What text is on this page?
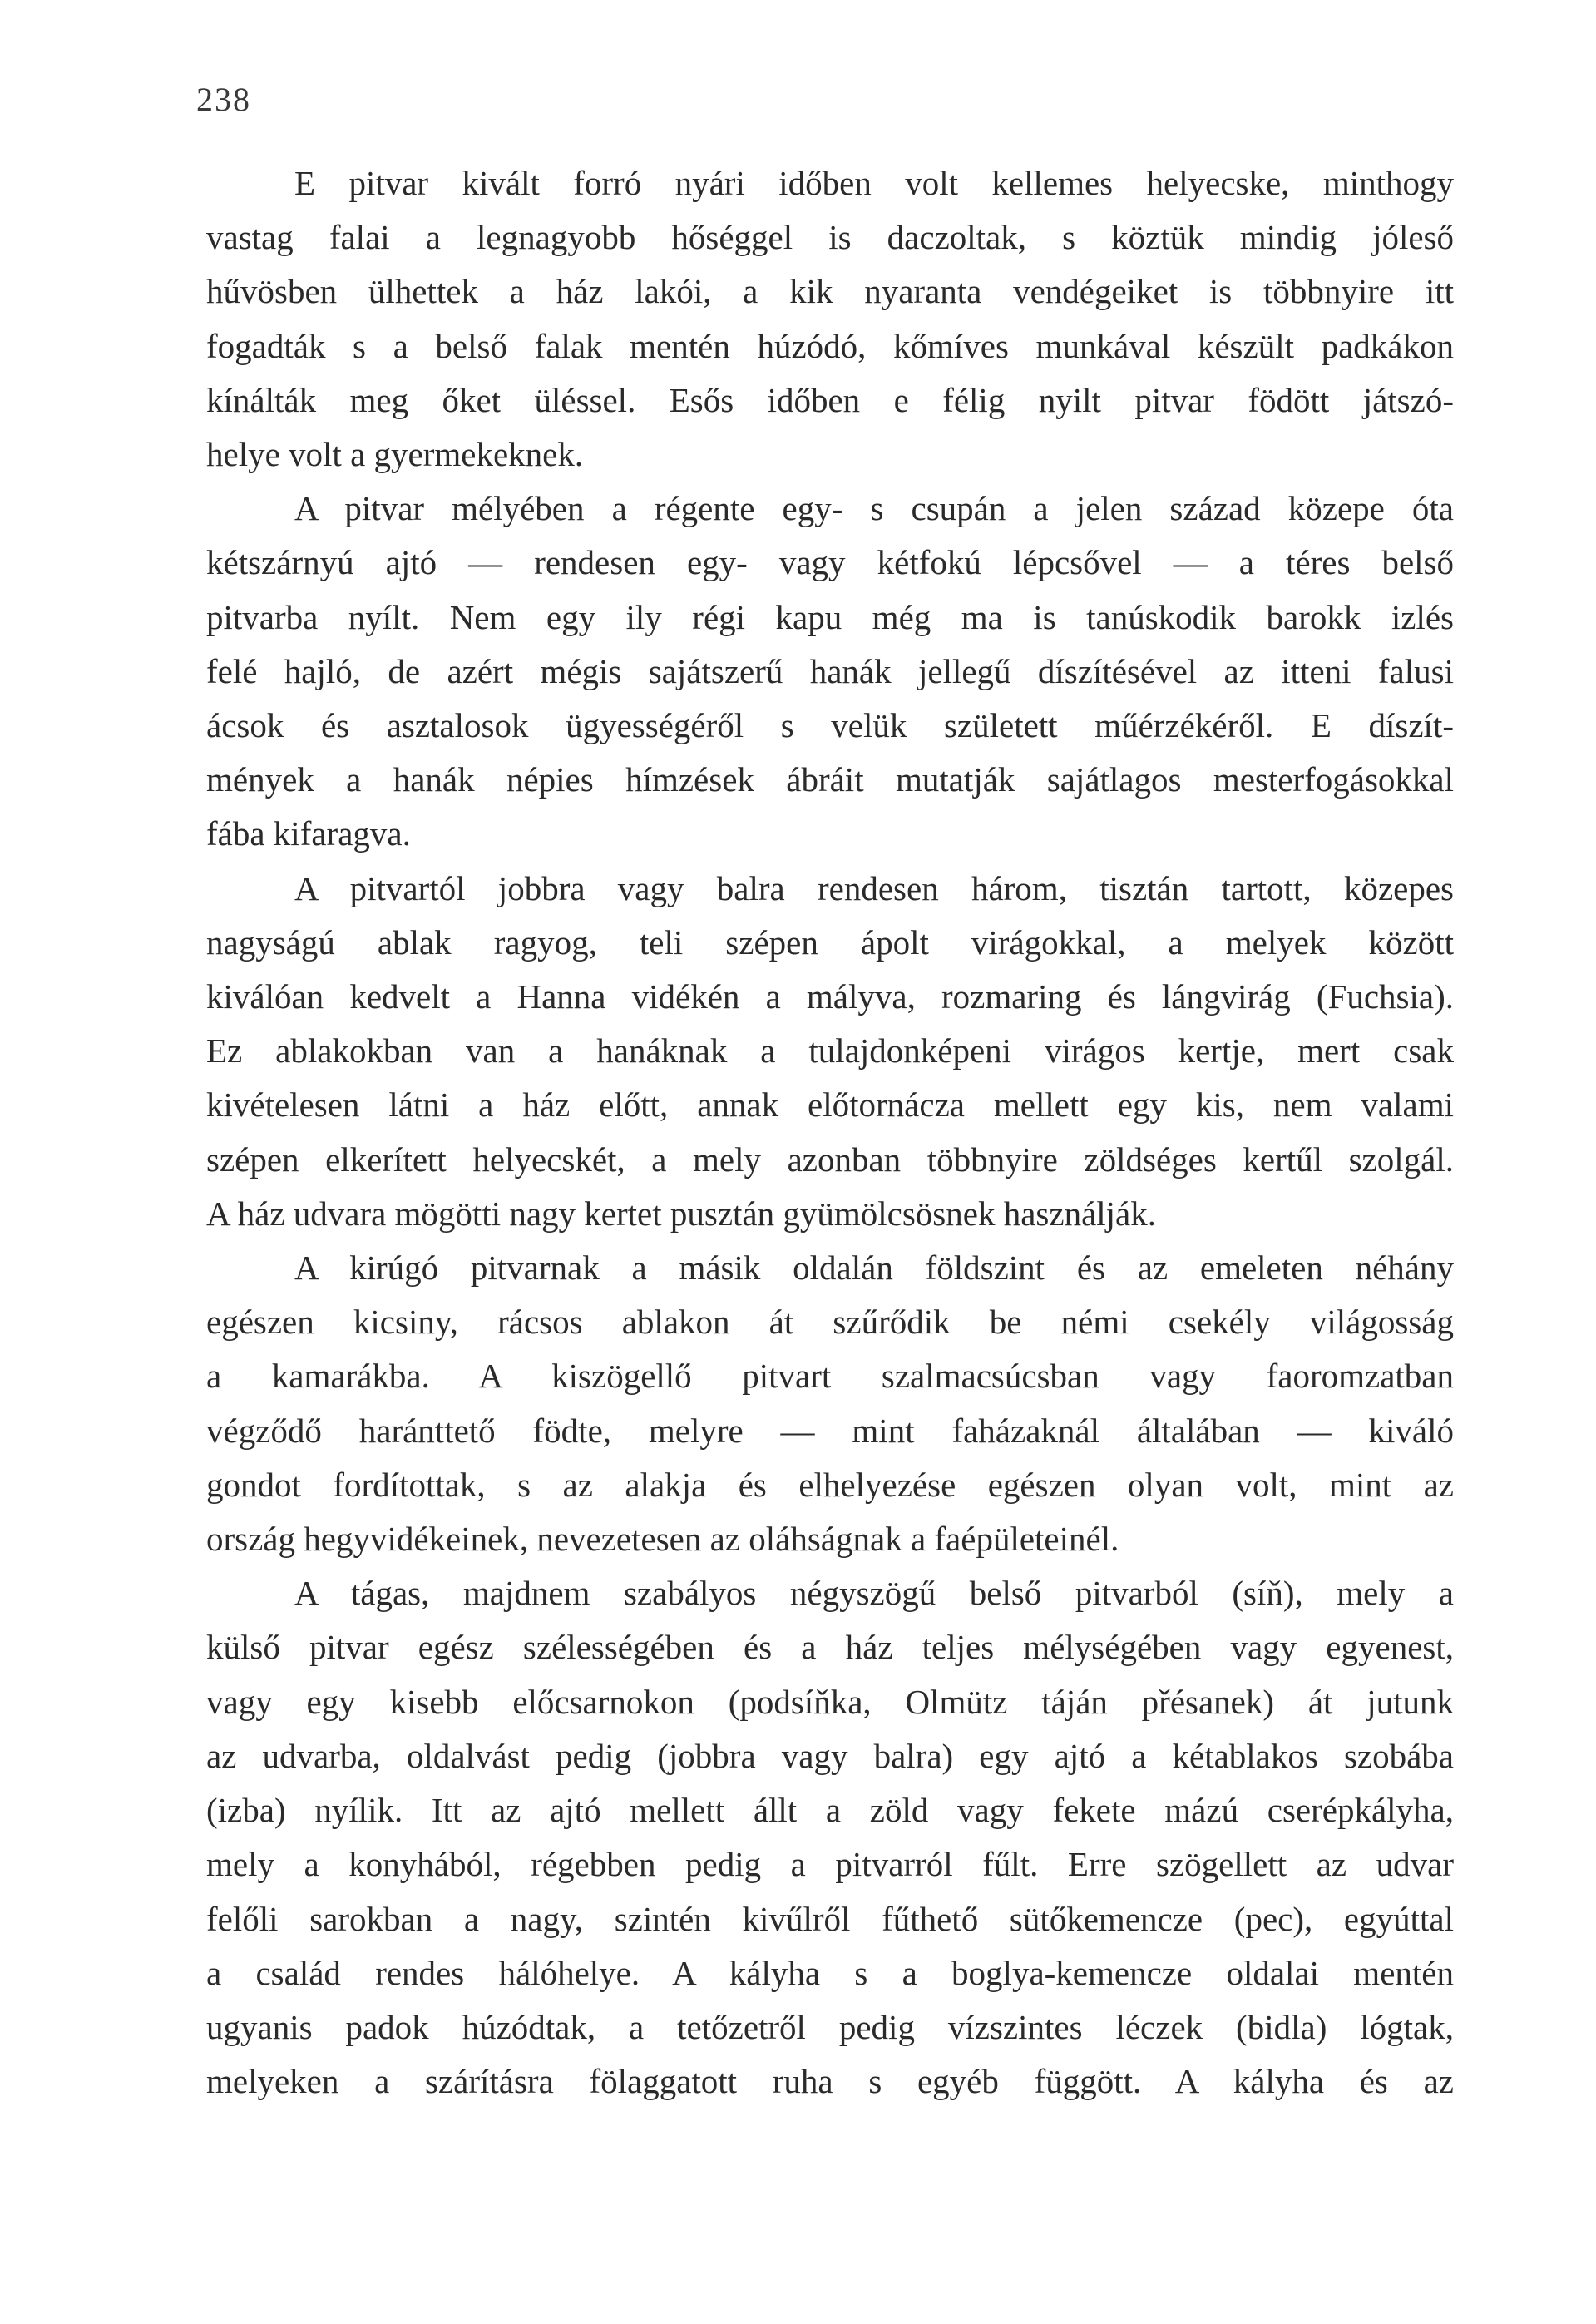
238

E pitvar kivált forró nyári időben volt kellemes helyecske, minthogy
vastag falai a legnagyobb hőséggel is daczoltak, s köztük mindig jóleső
hűvösben ülhettek a ház lakói, a kik nyaranta vendégeiket is többnyire itt
fogadták s a belső falak mentén húzódó, kőmíves munkával készült padkákon
kínálták meg őket üléssel. Esős időben e félig nyilt pitvar födött játszó-
helye volt a gyermekeknek.

A pitvar mélyében a régente egy- s csupán a jelen század közepe óta
kétszárnyú ajtó — rendesen egy- vagy kétfokú lépcsővel — a téres belső
pitvarba nyílt. Nem egy ily régi kapu még ma is tanúskodik barokk izlés
felé hajló, de azért mégis sajátszerű hanák jellegű díszítésével az itteni falusi
ácsok és asztalosok ügyességéről s velük született műérzékéről. E díszít-
mények a hanák népies hímzések ábráit mutatják sajátlagos mesterfogásokkal
fába kifaragva.

A pitvartól jobbra vagy balra rendesen három, tisztán tartott, közepes
nagyságú ablak ragyog, teli szépen ápolt virágokkal, a melyek között
kiválóan kedvelt a Hanna vidékén a mályva, rozmaring és lángvirág (Fuchsia).
Ez ablakokban van a hanáknak a tulajdonképeni virágos kertje, mert csak
kivételesen látni a ház előtt, annak előtornácza mellett egy kis, nem valami
szépen elkerített helyecskét, a mely azonban többnyire zöldséges kertűl szolgál.
A ház udvara mögötti nagy kertet pusztán gyümölcsösnek használják.

A kirúgó pitvarnak a másik oldalán földszint és az emeleten néhány
egészen kicsiny, rácsos ablakon át szűrődik be némi csekély világosság
a kamarákba. A kiszögellő pitvart szalmacsúcsban vagy faoromzatban
végződő haránttető födte, melyre — mint faházaknál általában — kiváló
gondot fordítottak, s az alakja és elhelyezése egészen olyan volt, mint az
ország hegyvidékeinek, nevezetesen az oláhságnak a faépületeinél.

A tágas, majdnem szabályos négyszögű belső pitvarból (síň), mely a
külső pitvar egész szélességében és a ház teljes mélységében vagy egyenest,
vagy egy kisebb előcsarnokon (podsíňka, Olmütz táján přésanek) át jutunk
az udvarba, oldalvást pedig (jobbra vagy balra) egy ajtó a kétablakos szobába
(izba) nyílik. Itt az ajtó mellett állt a zöld vagy fekete mázú cserépkályha,
mely a konyhából, régebben pedig a pitvarról fűlt. Erre szögellett az udvar
felőli sarokban a nagy, szintén kivűlről fűthető sütőkemencze (pec), egyúttal
a család rendes hálóhelye. A kályha s a boglya-kemencze oldalai mentén
ugyanis padok húzódtak, a tetőzetről pedig vízszintes léczek (bidla) lógtak,
melyeken a szárításra fölaggatott ruha s egyéb függött. A kályha és az
